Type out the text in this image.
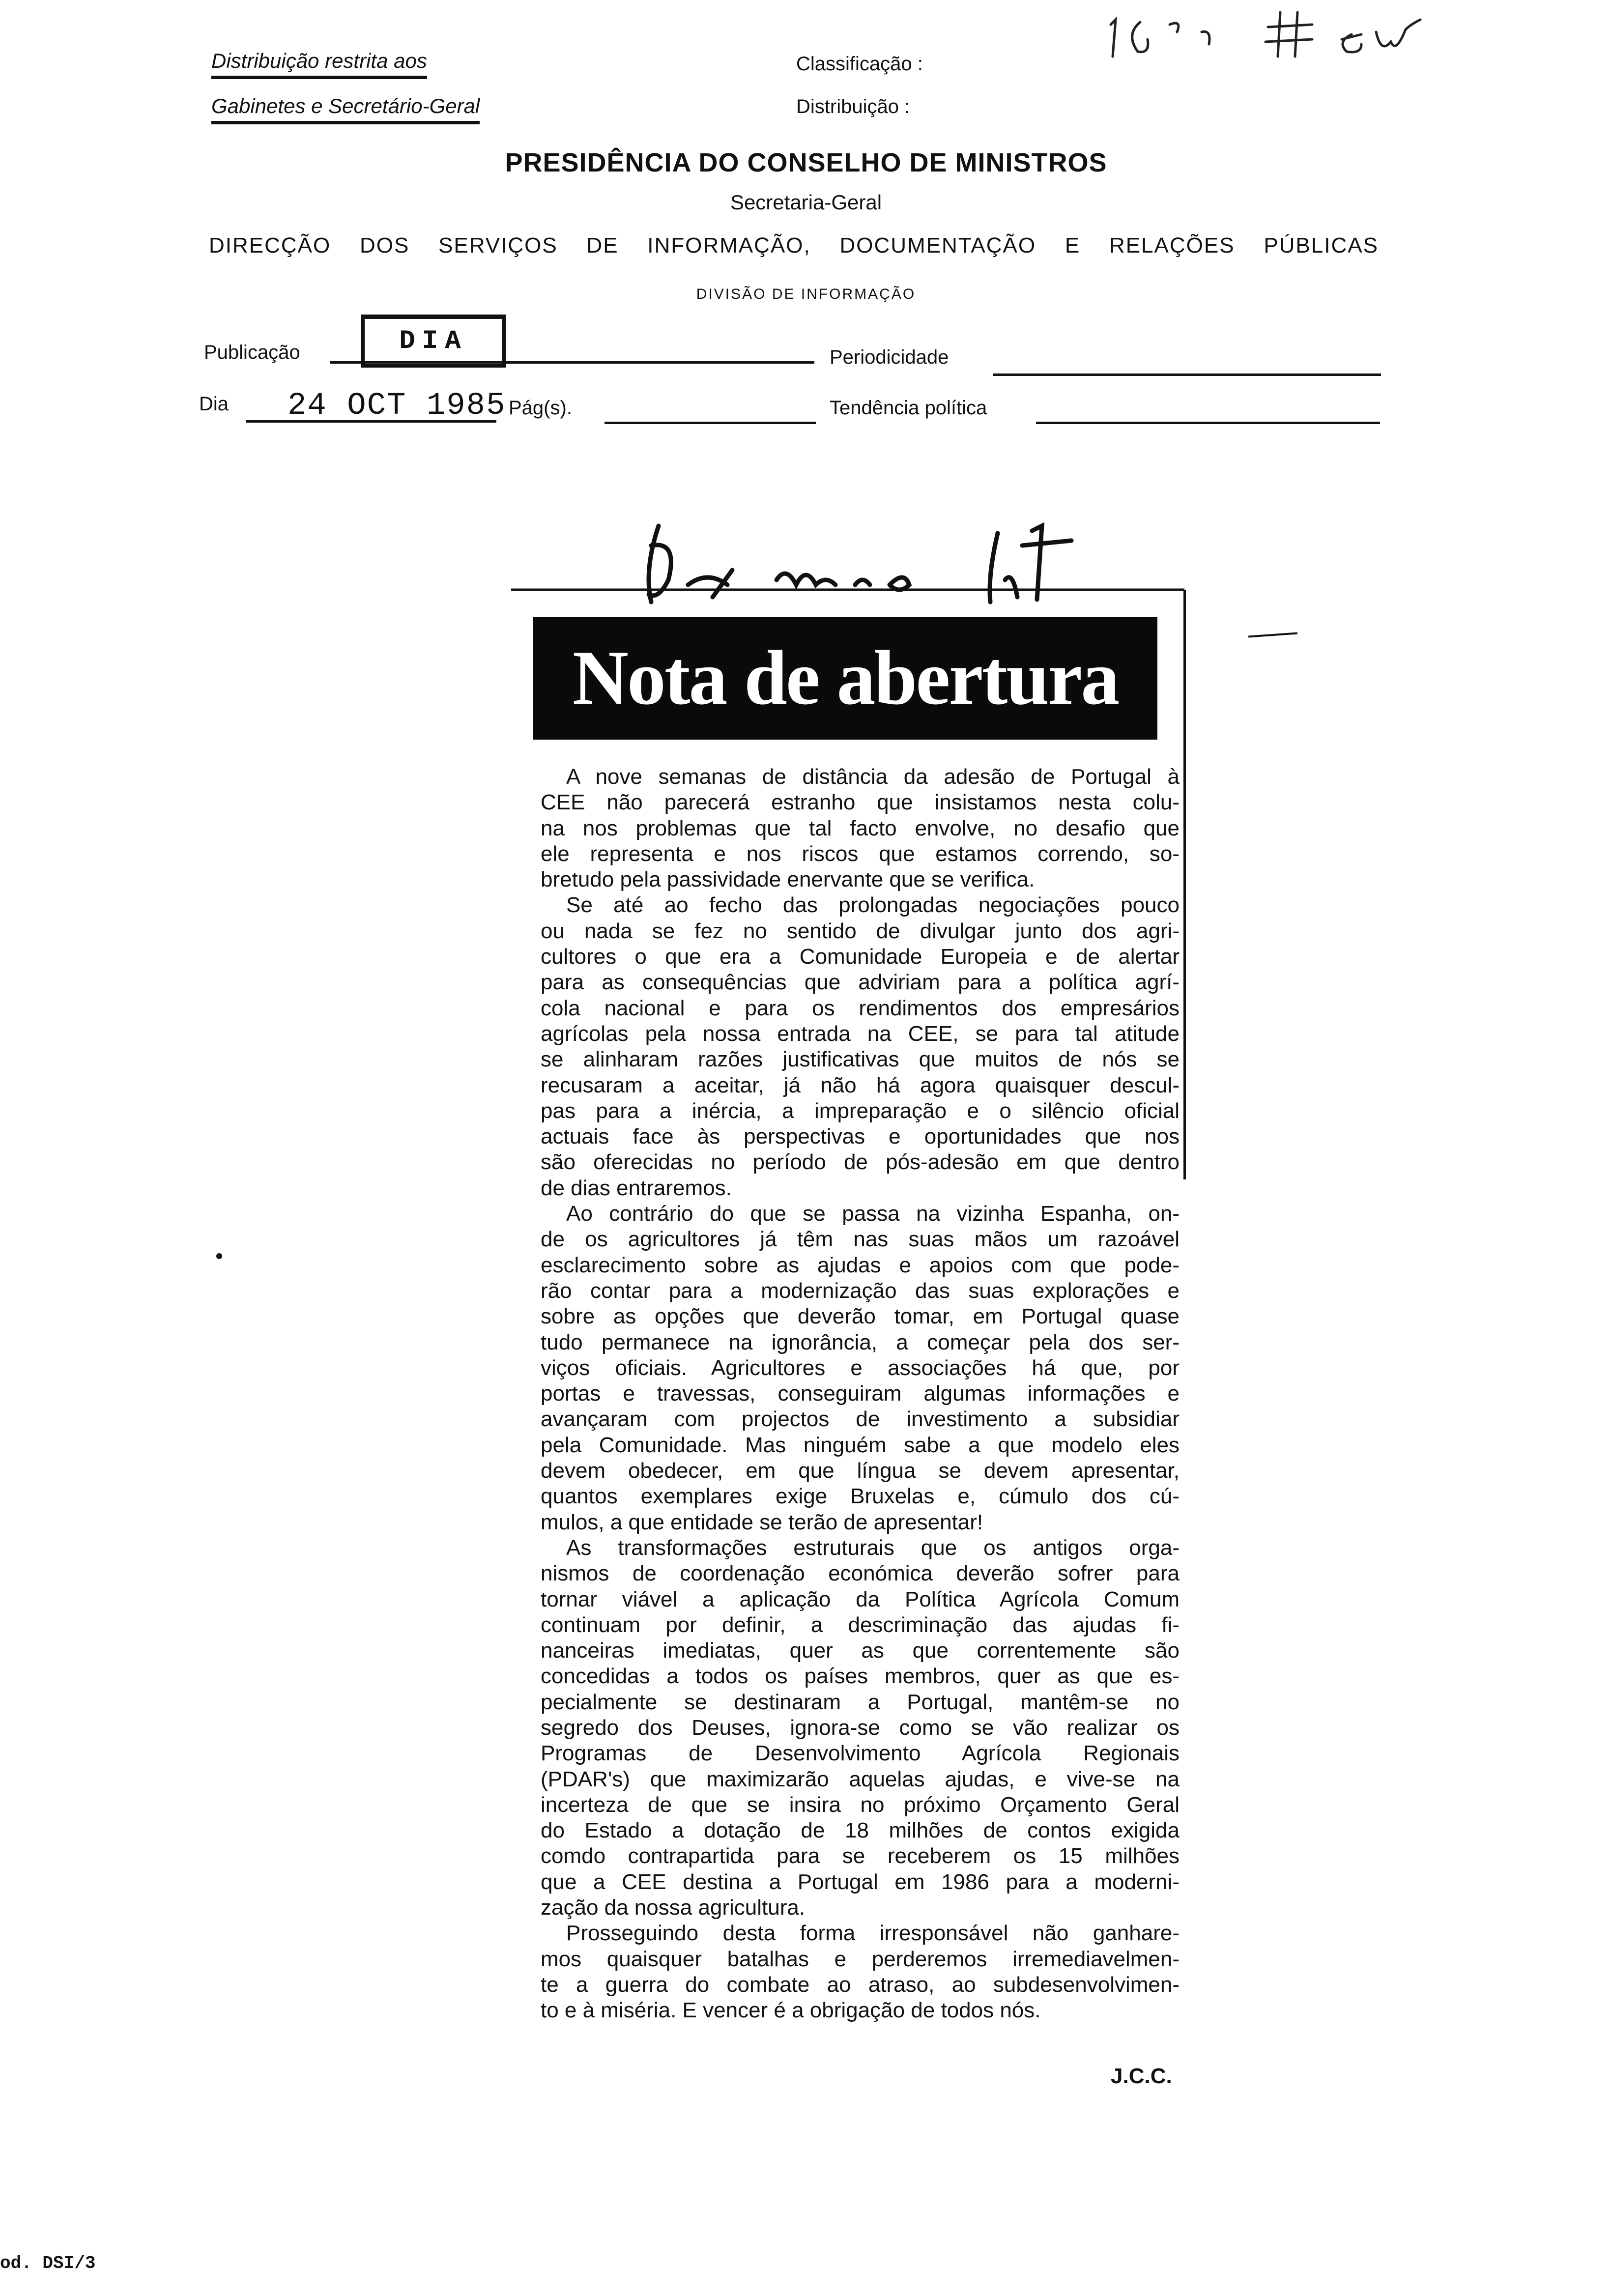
Distribuição restrita aos
Gabinetes e Secretário-Geral
Classificação :
Distribuição :
PRESIDÊNCIA DO CONSELHO DE MINISTROS
Secretaria-Geral
DIRECÇÃO DOS SERVIÇOS DE INFORMAÇÃO, DOCUMENTAÇÃO E RELAÇÕES PÚBLICAS
DIVISÃO DE INFORMAÇÃO
Publicação	DIA
Periodicidade
Dia 24 OCT 1985 Pág(s).	Tendência política
Nota de abertura
A nove semanas de distância da adesão de Portugal à
CEE não parecerá estranho que insistamos nesta colu-
na nos problemas que tal facto envolve, no desafio que
ele representa e nos riscos que estamos correndo, so-
bretudo pela passividade enervante que se verifica.
Se até ao fecho das prolongadas negociações pouco
ou nada se fez no sentido de divulgar junto dos agri-
cultores o que era a Comunidade Europeia e de alertar
para as consequências que adviriam para a política agrí-
cola nacional e para os rendimentos dos empresários
agrícolas pela nossa entrada na CEE, se para tal atitude
se alinharam razões justificativas que muitos de nós se
recusaram a aceitar, já não há agora quaisquer descul-
pas para a inércia, a impreparação e o silêncio oficial
actuais face às perspectivas e oportunidades que nos
são oferecidas no período de pós-adesão em que dentro
de dias entraremos.
Ao contrário do que se passa na vizinha Espanha, on-
de os agricultores já têm nas suas mãos um razoável
esclarecimento sobre as ajudas e apoios com que pode-
rão contar para a modernização das suas explorações e
sobre as opções que deverão tomar, em Portugal quase
tudo permanece na ignorância, a começar pela dos ser-
viços oficiais. Agricultores e associações há que, por
portas e travessas, conseguiram algumas informações e
avançaram com projectos de investimento a subsidiar
pela Comunidade. Mas ninguém sabe a que modelo eles
devem obedecer, em que língua se devem apresentar,
quantos exemplares exige Bruxelas e, cúmulo dos cú-
mulos, a que entidade se terão de apresentar!
As transformações estruturais que os antigos orga-
nismos de coordenação económica deverão sofrer para
tornar viável a aplicação da Política Agrícola Comum
continuam por definir, a descriminação das ajudas fi-
nanceiras imediatas, quer as que correntemente são
concedidas a todos os países membros, quer as que es-
pecialmente se destinaram a Portugal, mantêm-se no
segredo dos Deuses, ignora-se como se vão realizar os
Programas de Desenvolvimento Agrícola Regionais
(PDAR's) que maximizarão aquelas ajudas, e vive-se na
incerteza de que se insira no próximo Orçamento Geral
do Estado a dotação de 18 milhões de contos exigida
comdo contrapartida para se receberem os 15 milhões
que a CEE destina a Portugal em 1986 para a moderni-
zação da nossa agricultura.
Prosseguindo desta forma irresponsável não ganhare-
mos quaisquer batalhas e perderemos irremediavelmen-
te a guerra do combate ao atraso, ao subdesenvolvimen-
to e à miséria. E vencer é a obrigação de todos nós.
J.C.C.
od. DSI/3
